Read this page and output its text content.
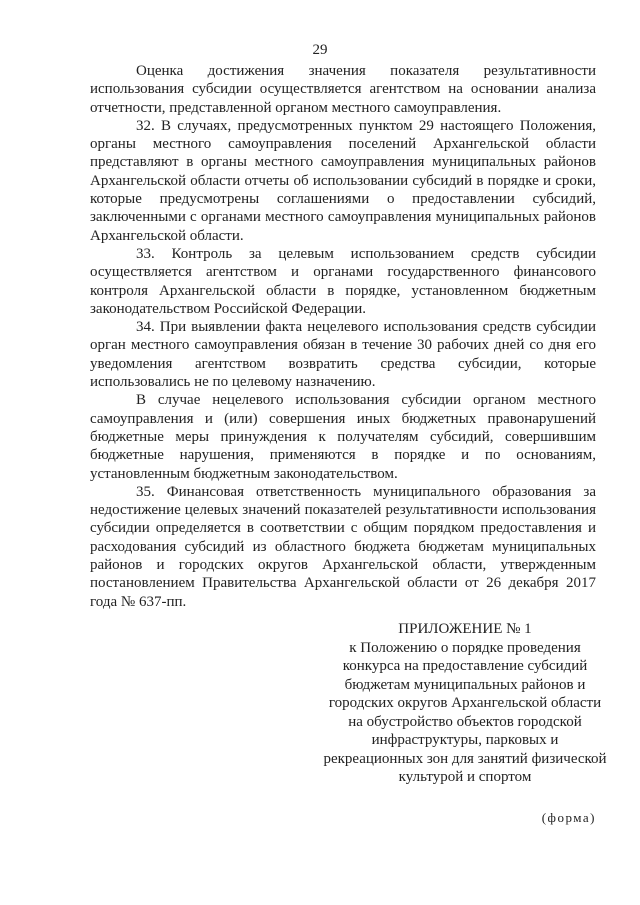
29

Оценка достижения значения показателя результативности использования субсидии осуществляется агентством на основании анализа отчетности, представленной органом местного самоуправления.

32. В случаях, предусмотренных пунктом 29 настоящего Положения, органы местного самоуправления поселений Архангельской области представляют в органы местного самоуправления муниципальных районов Архангельской области отчеты об использовании субсидий в порядке и сроки, которые предусмотрены соглашениями о предоставлении субсидий, заключенными с органами местного самоуправления муниципальных районов Архангельской области.

33. Контроль за целевым использованием средств субсидии осуществляется агентством и органами государственного финансового контроля Архангельской области в порядке, установленном бюджетным законодательством Российской Федерации.

34. При выявлении факта нецелевого использования средств субсидии орган местного самоуправления обязан в течение 30 рабочих дней со дня его уведомления агентством возвратить средства субсидии, которые использовались не по целевому назначению.

В случае нецелевого использования субсидии органом местного самоуправления и (или) совершения иных бюджетных правонарушений бюджетные меры принуждения к получателям субсидий, совершившим бюджетные нарушения, применяются в порядке и по основаниям, установленным бюджетным законодательством.

35. Финансовая ответственность муниципального образования за недостижение целевых значений показателей результативности использования субсидии определяется в соответствии с общим порядком предоставления и расходования субсидий из областного бюджета бюджетам муниципальных районов и городских округов Архангельской области, утвержденным постановлением Правительства Архангельской области от 26 декабря 2017 года № 637-пп.

ПРИЛОЖЕНИЕ № 1

к Положению о порядке проведения конкурса на предоставление субсидий бюджетам муниципальных районов и городских округов Архангельской области на обустройство объектов городской инфраструктуры, парковых и рекреационных зон для занятий физической культурой и спортом

(форма)
